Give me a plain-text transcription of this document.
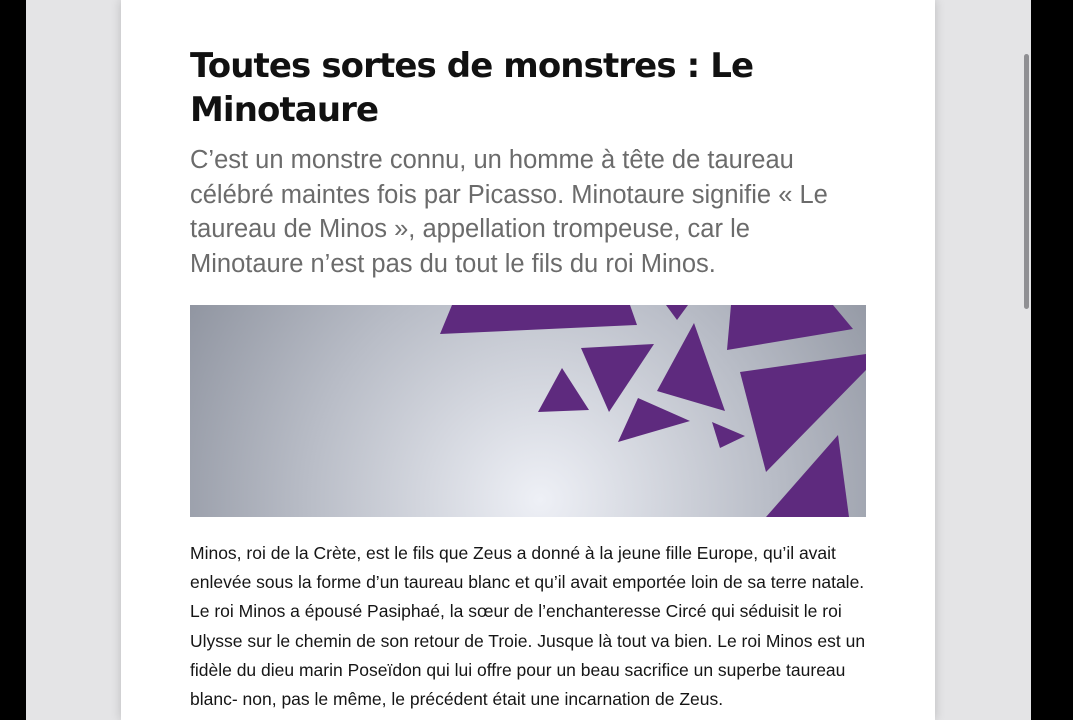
Toutes sortes de monstres : Le Minotaure

C’est un monstre connu, un homme à tête de taureau célébré maintes fois par Picasso. Minotaure signifie « Le taureau de Minos », appellation trompeuse, car le Minotaure n’est pas du tout le fils du roi Minos.

Minos, roi de la Crète, est le fils que Zeus a donné à la jeune fille Europe, qu’il avait enlevée sous la forme d’un taureau blanc et qu’il avait emportée loin de sa terre natale. Le roi Minos a épousé Pasiphaé, la sœur de l’enchanteresse Circé qui séduisit le roi Ulysse sur le chemin de son retour de Troie. Jusque là tout va bien. Le roi Minos est un fidèle du dieu marin Poseïdon qui lui offre pour un beau sacrifice un superbe taureau blanc- non, pas le même, le précédent était une incarnation de Zeus.
